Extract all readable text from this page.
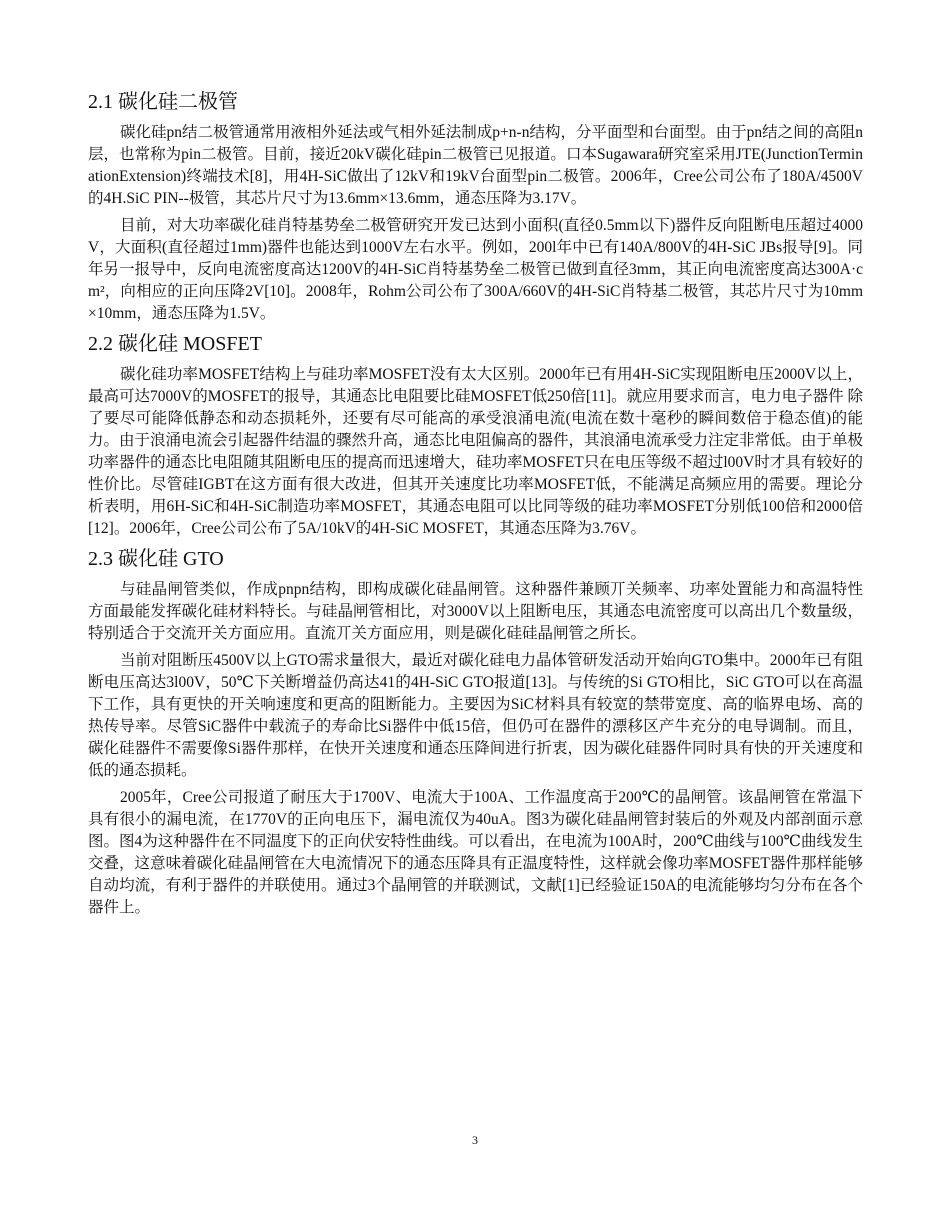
2.1 碳化硅二极管

碳化硅pn结二极管通常用液相外延法或气相外延法制成p+n-n结构，分平面型和台面型。由于pn结之间的高阻n层，也常称为pin二极管。目前，接近20kV碳化硅pin二极管已见报道。口本Sugawara研究室采用JTE(JunctionTerminationExtension)终端技术[8]，用4H-SiC做出了12kV和19kV台面型pin二极管。2006年，Cree公司公布了180A/4500V的4H.SiC PIN--极管，其芯片尺寸为13.6mm×13.6mm，通态压降为3.17V。

目前，对大功率碳化硅肖特基势垒二极管研究开发已达到小面积(直径0.5mm以下)器件反向阻断电压超过4000V，大面积(直径超过1mm)器件也能达到1000V左右水平。例如，200l年中已有140A/800V的4H-SiC JBs报导[9]。同年另一报导中，反向电流密度高达1200V的4H-SiC肖特基势垒二极管已做到直径3mm，其正向电流密度高达300A·cm²，向相应的正向压降2V[10]。2008年，Rohm公司公布了300A/660V的4H-SiC肖特基二极管，其芯片尺寸为10mm×10mm，通态压降为1.5V。

2.2 碳化硅 MOSFET

碳化硅功率MOSFET结构上与硅功率MOSFET没有太大区别。2000年已有用4H-SiC实现阻断电压2000V以上，最高可达7000V的MOSFET的报导，其通态比电阻要比硅MOSFET低250倍[11]。就应用要求而言，电力电子器件 除了要尽可能降低静态和动态损耗外，还要有尽可能高的承受浪涌电流(电流在数十毫秒的瞬间数倍于稳态值)的能力。由于浪涌电流会引起器件结温的骤然升高，通态比电阻偏高的器件，其浪涌电流承受力注定非常低。由于单极功率器件的通态比电阻随其阻断电压的提高而迅速增大，硅功率MOSFET只在电压等级不超过l00V时才具有较好的性价比。尽管硅IGBT在这方面有很大改进，但其开关速度比功率MOSFET低，不能满足高频应用的需要。理论分析表明，用6H-SiC和4H-SiC制造功率MOSFET，其通态电阻可以比同等级的硅功率MOSFET分别低100倍和2000倍[12]。2006年，Cree公司公布了5A/10kV的4H-SiC MOSFET，其通态压降为3.76V。

2.3 碳化硅 GTO

与硅晶闸管类似，作成pnpn结构，即构成碳化硅晶闸管。这种器件兼顾丌关频率、功率处置能力和高温特性方面最能发挥碳化硅材料特长。与硅晶闸管相比，对3000V以上阻断电压，其通态电流密度可以高出几个数量级，特别适合于交流开关方面应用。直流丌关方面应用，则是碳化硅硅晶闸管之所长。

当前对阻断压4500V以上GTO需求量很大，最近对碳化硅电力晶体管研发活动开始向GTO集中。2000年已有阻断电压高达3l00V，50℃下关断增益仍高达41的4H-SiC GTO报道[13]。与传统的Si GTO相比，SiC GTO可以在高温下工作，具有更快的开关响速度和更高的阻断能力。主要因为SiC材料具有较宽的禁带宽度、高的临界电场、高的热传导率。尽管SiC器件中载流子的寿命比Si器件中低15倍，但仍可在器件的漂移区产牛充分的电导调制。而且，碳化硅器件不需要像Si器件那样，在快开关速度和通态压降间进行折衷，因为碳化硅器件同时具有快的开关速度和低的通态损耗。

2005年，Cree公司报道了耐压大于1700V、电流大于100A、工作温度高于200℃的晶闸管。该晶闸管在常温下具有很小的漏电流，在1770V的正向电压下，漏电流仅为40uA。图3为碳化硅晶闸管封装后的外观及内部剖面示意图。图4为这种器件在不同温度下的正向伏安特性曲线。可以看出，在电流为100A时，200℃曲线与100℃曲线发生交叠，这意味着碳化硅晶闸管在大电流情况下的通态压降具有正温度特性，这样就会像功率MOSFET器件那样能够自动均流，有利于器件的并联使用。通过3个晶闸管的并联测试，文献[1]已经验证150A的电流能够均匀分布在各个器件上。

3
